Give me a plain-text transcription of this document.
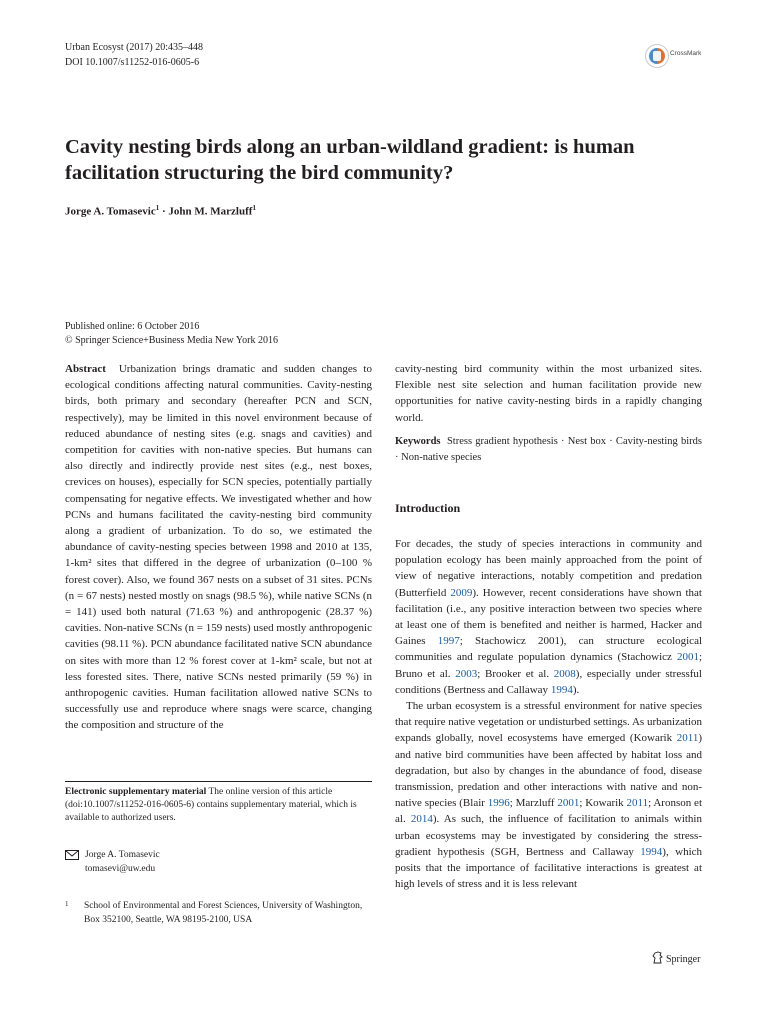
Urban Ecosyst (2017) 20:435–448
DOI 10.1007/s11252-016-0605-6
CrossMark
Cavity nesting birds along an urban-wildland gradient: is human facilitation structuring the bird community?
Jorge A. Tomasevic$^1$ · John M. Marzluff$^1$
Published online: 6 October 2016
© Springer Science+Business Media New York 2016

Abstract Urbanization brings dramatic and sudden changes to ecological conditions affecting natural communities. Cavity-nesting birds, both primary and secondary (hereafter PCN and SCN, respectively), may be limited in this novel environment because of reduced abundance of nesting sites (e.g. snags and cavities) and competition for cavities with non-native species. But humans can also directly and indirectly provide nest sites (e.g., nest boxes, crevices on houses), especially for SCN species, potentially partially compensating for negative effects. We investigated whether and how PCNs and humans facilitated the cavity-nesting bird community along a gradient of urbanization. To do so, we estimated the abundance of cavity-nesting species between 1998 and 2010 at 135, 1-km² sites that differed in the degree of urbanization (0–100 % forest cover). Also, we found 367 nests on a subset of 31 sites. PCNs (n = 67 nests) nested mostly on snags (98.5 %), while native SCNs (n = 141) used both natural (71.63 %) and anthropogenic (28.37 %) cavities. Non-native SCNs (n = 159 nests) used mostly anthropogenic cavities (98.11 %). PCN abundance facilitated native SCN abundance on sites with more than 12 % forest cover at 1-km² scale, but not at less forested sites. There, native SCNs nested primarily (59 %) in anthropogenic cavities. Human facilitation allowed native SCNs to successfully use and reproduce where snags were scarce, changing the composition and structure of the

Electronic supplementary material The online version of this article (doi:10.1007/s11252-016-0605-6) contains supplementary material, which is available to authorized users.
Jorge A. Tomasevic
tomasevi@uw.edu
1	School of Environmental and Forest Sciences, University of Washington, Box 352100, Seattle, WA 98195-2100, USA

cavity-nesting bird community within the most urbanized sites. Flexible nest site selection and human facilitation provide new opportunities for native cavity-nesting birds in a rapidly changing world.

Keywords Stress gradient hypothesis · Nest box · Cavity-nesting birds · Non-native species

Introduction

For decades, the study of species interactions in community and population ecology has been mainly approached from the point of view of negative interactions, notably competition and predation (Butterfield 2009). However, recent considerations have shown that facilitation (i.e., any positive interaction between two species where at least one of them is benefited and neither is harmed, Hacker and Gaines 1997; Stachowicz 2001), can structure ecological communities and regulate population dynamics (Stachowicz 2001; Bruno et al. 2003; Brooker et al. 2008), especially under stressful conditions (Bertness and Callaway 1994).

The urban ecosystem is a stressful environment for native species that require native vegetation or undisturbed settings. As urbanization expands globally, novel ecosystems have emerged (Kowarik 2011) and native bird communities have been affected by habitat loss and degradation, but also by changes in the abundance of food, disease transmission, predation and other interactions with native and non-native species (Blair 1996; Marzluff 2001; Kowarik 2011; Aronson et al. 2014). As such, the influence of facilitation to animals within urban ecosystems may be investigated by considering the stress-gradient hypothesis (SGH, Bertness and Callaway 1994), which posits that the importance of facilitative interactions is greatest at high levels of stress and it is less relevant

Springer
